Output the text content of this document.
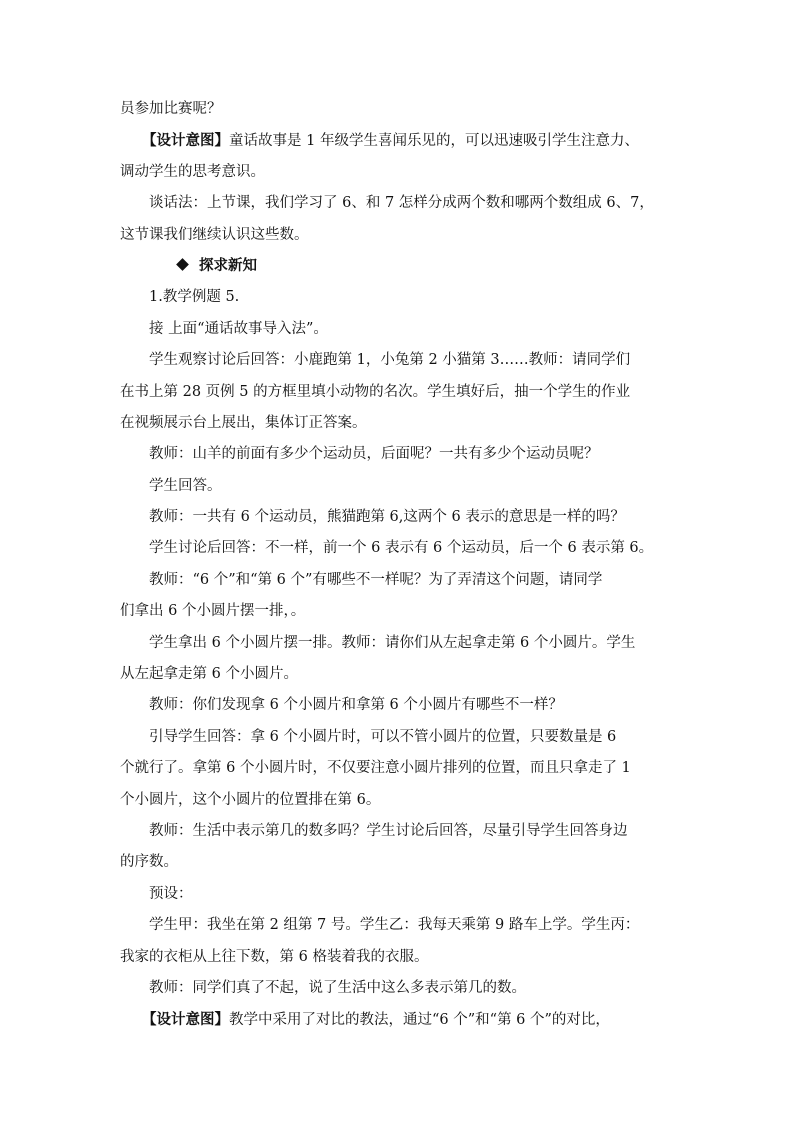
员参加比赛呢？
【设计意图】童话故事是 1 年级学生喜闻乐见的，可以迅速吸引学生注意力、
调动学生的思考意识。
谈话法：上节课，我们学习了 6、和 7 怎样分成两个数和哪两个数组成 6、7，
这节课我们继续认识这些数。
探求新知
1.教学例题 5.
接 上面“通话故事导入法”。
学生观察讨论后回答：小鹿跑第 1，小兔第 2 小猫第 3……教师：请同学们
在书上第 28 页例 5 的方框里填小动物的名次。学生填好后，抽一个学生的作业
在视频展示台上展出，集体订正答案。
教师：山羊的前面有多少个运动员，后面呢？一共有多少个运动员呢？
学生回答。
教师：一共有 6 个运动员，熊猫跑第 6,这两个 6 表示的意思是一样的吗？
学生讨论后回答：不一样，前一个 6 表示有 6 个运动员，后一个 6 表示第 6。
教师：“6 个”和“第 6 个”有哪些不一样呢？为了弄清这个问题，请同学
们拿出 6 个小圆片摆一排，。
学生拿出 6 个小圆片摆一排。教师：请你们从左起拿走第 6 个小圆片。学生
从左起拿走第 6 个小圆片。
教师：你们发现拿 6 个小圆片和拿第 6 个小圆片有哪些不一样？
引导学生回答：拿 6 个小圆片时，可以不管小圆片的位置，只要数量是 6
个就行了。拿第 6 个小圆片时，不仅要注意小圆片排列的位置，而且只拿走了 1
个小圆片，这个小圆片的位置排在第 6。
教师：生活中表示第几的数多吗？学生讨论后回答，尽量引导学生回答身边
的序数。
预设：
学生甲：我坐在第 2 组第 7 号。学生乙：我每天乘第 9 路车上学。学生丙：
我家的衣柜从上往下数，第 6 格装着我的衣服。
教师：同学们真了不起，说了生活中这么多表示第几的数。
【设计意图】教学中采用了对比的教法，通过“6 个”和“第 6 个”的对比，
